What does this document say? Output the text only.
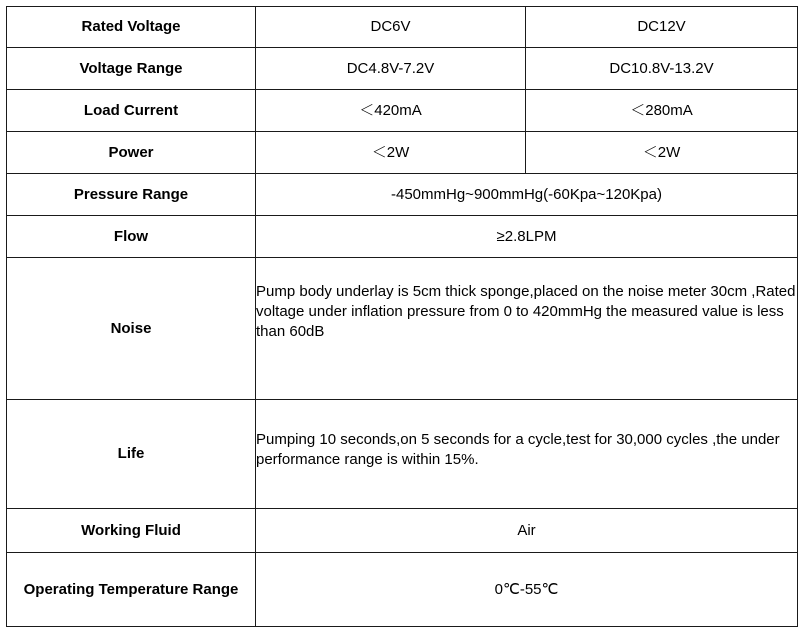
Rated Voltage	DC6V	DC12V
Voltage Range	DC4.8V-7.2V	DC10.8V-13.2V
Load Current	＜420mA	＜280mA
Power	＜2W	＜2W
Pressure Range	-450mmHg~900mmHg(-60Kpa~120Kpa)	
Flow	≥2.8LPM	
Noise	Pump body underlay is 5cm thick sponge,placed on the noise meter 30cm ,Rated voltage under inflation pressure from 0 to 420mmHg the measured value is less than 60dB	
Life	Pumping 10 seconds,on 5 seconds for a cycle,test for 30,000 cycles ,the under performance range is within 15%.	
Working Fluid	Air	
Operating Temperature Range	0℃-55℃	
